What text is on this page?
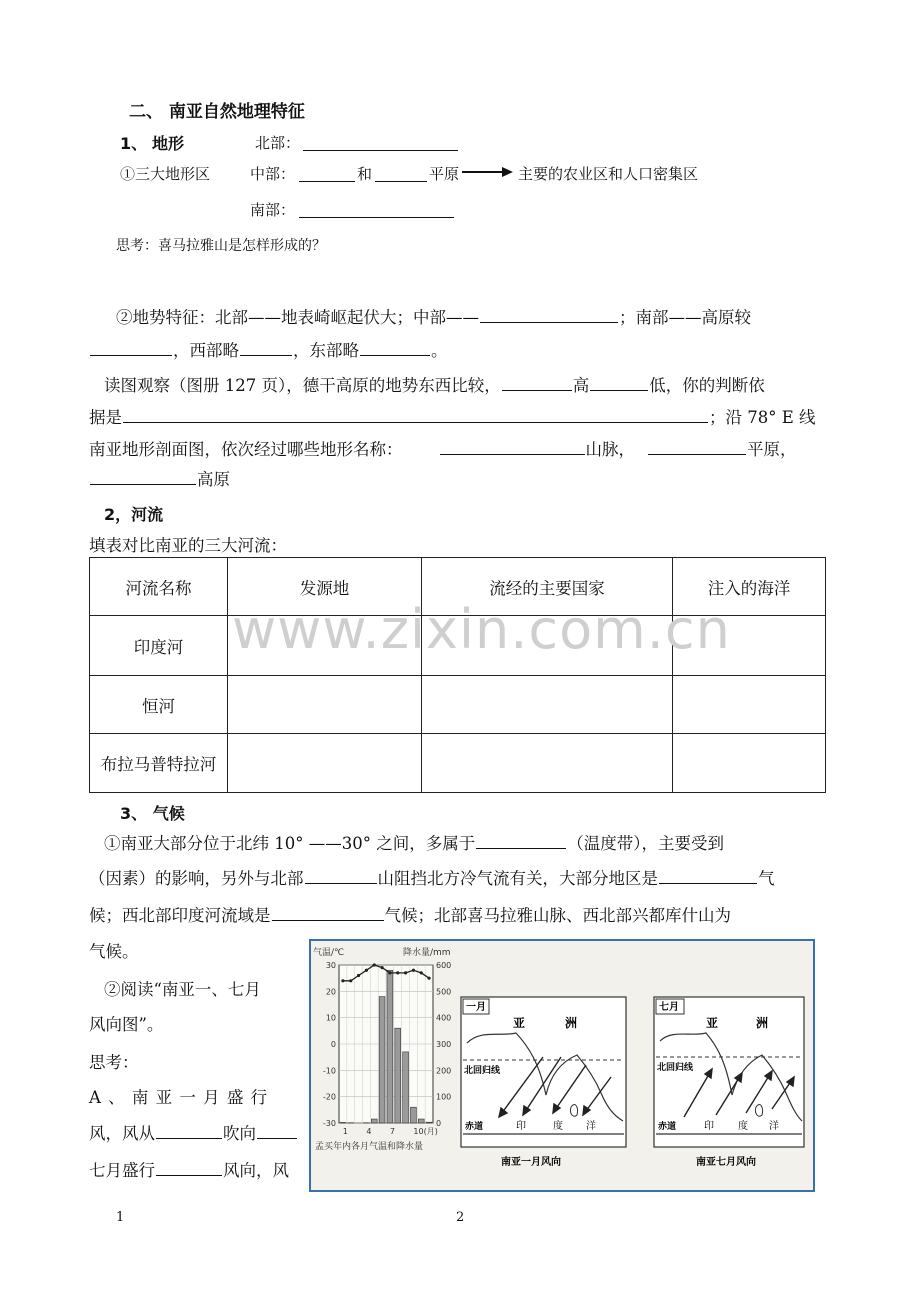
二、 南亚自然地理特征
1、 地形	北部：
①三大地形区	中部：	和	平原	主要的农业区和人口密集区
南部：
思考：喜马拉雅山是怎样形成的？
②地势特征：北部——地表崎岖起伏大；中部——	；南部——高原较
，西部略	，东部略	。
读图观察（图册 127 页），德干高原的地势东西比较，	高	低，你的判断依
据是	；沿 78° E 线
南亚地形剖面图，依次经过哪些地形名称：	山脉，	平原，
高原
2，河流
填表对比南亚的三大河流：
河流名称	发源地	流经的主要国家	注入的海洋
印度河			
恒河			
布拉马普特拉河			
www.zixin.com.cn
3、 气候
①南亚大部分位于北纬 10° ——30° 之间，多属于	（温度带），主要受到
（因素）的影响，另外与北部	山阻挡北方冷气流有关，大部分地区是	气
候；西北部印度河流域是	气候；北部喜马拉雅山脉、西北部兴都库什山为
气候。
②阅读“南亚一、七月
风向图”。
思考：
A 、 南 亚 一 月 盛 行
风，风从	吹向
七月盛行	风向，风
气温/℃	降水量/mm
30
20
10
0
-10
-20
-30
600
500
400
300
200
100
0
1 4 7 10(月)
孟买年内各月气温和降水量
一月
亚	洲
北回归线
赤道	印	度 洋
南亚一月风向
七月
亚	洲
北回归线
赤道	印 度 洋
南亚七月风向
1	2
